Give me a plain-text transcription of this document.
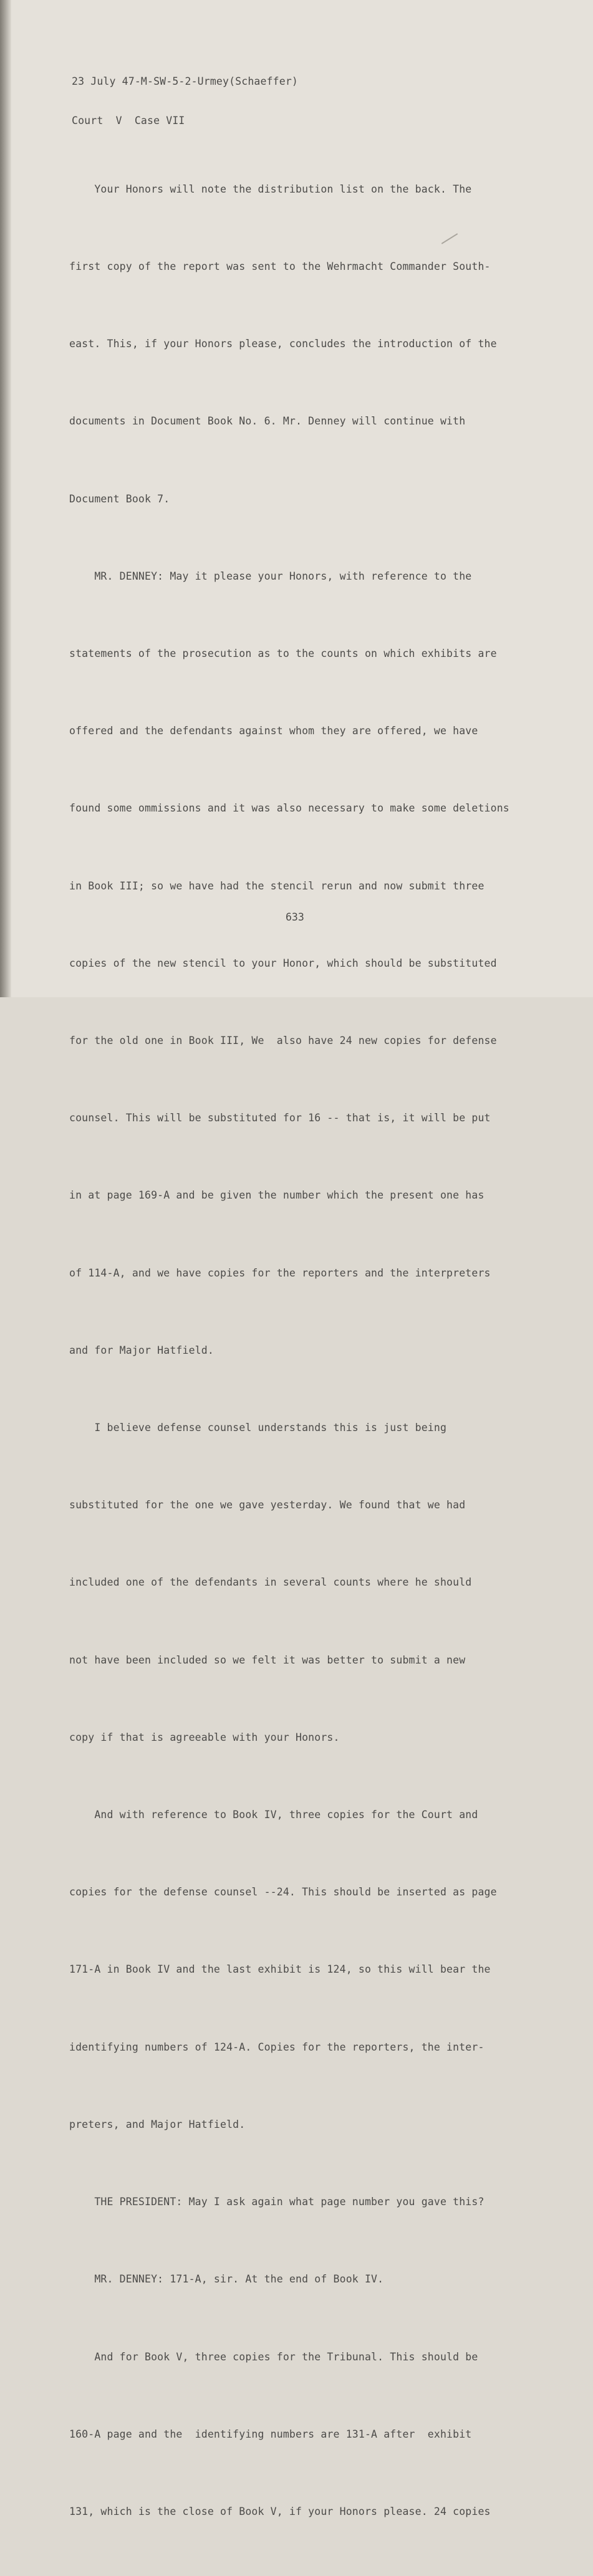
23 July 47-M-SW-5-2-Urmey(Schaeffer)

Court  V  Case VII

Your Honors will note the distribution list on the back. The

first copy of the report was sent to the Wehrmacht Commander South-

east. This, if your Honors please, concludes the introduction of the

documents in Document Book No. 6. Mr. Denney will continue with

Document Book 7.

MR. DENNEY: May it please your Honors, with reference to the

statements of the prosecution as to the counts on which exhibits are

offered and the defendants against whom they are offered, we have

found some ommissions and it was also necessary to make some deletions

in Book III; so we have had the stencil rerun and now submit three

copies of the new stencil to your Honor, which should be substituted

for the old one in Book III, We  also have 24 new copies for defense

counsel. This will be substituted for 16 -- that is, it will be put

in at page 169-A and be given the number which the present one has

of 114-A, and we have copies for the reporters and the interpreters

and for Major Hatfield.

I believe defense counsel understands this is just being

substituted for the one we gave yesterday. We found that we had

included one of the defendants in several counts where he should

not have been included so we felt it was better to submit a new

copy if that is agreeable with your Honors.

And with reference to Book IV, three copies for the Court and

copies for the defense counsel --24. This should be inserted as page

171-A in Book IV and the last exhibit is 124, so this will bear the

identifying numbers of 124-A. Copies for the reporters, the inter-

preters, and Major Hatfield.

THE PRESIDENT: May I ask again what page number you gave this?

MR. DENNEY: 171-A, sir. At the end of Book IV.

And for Book V, three copies for the Tribunal. This should be

160-A page and the  identifying numbers are 131-A after  exhibit

131, which is the close of Book V, if your Honors please. 24 copies

633
